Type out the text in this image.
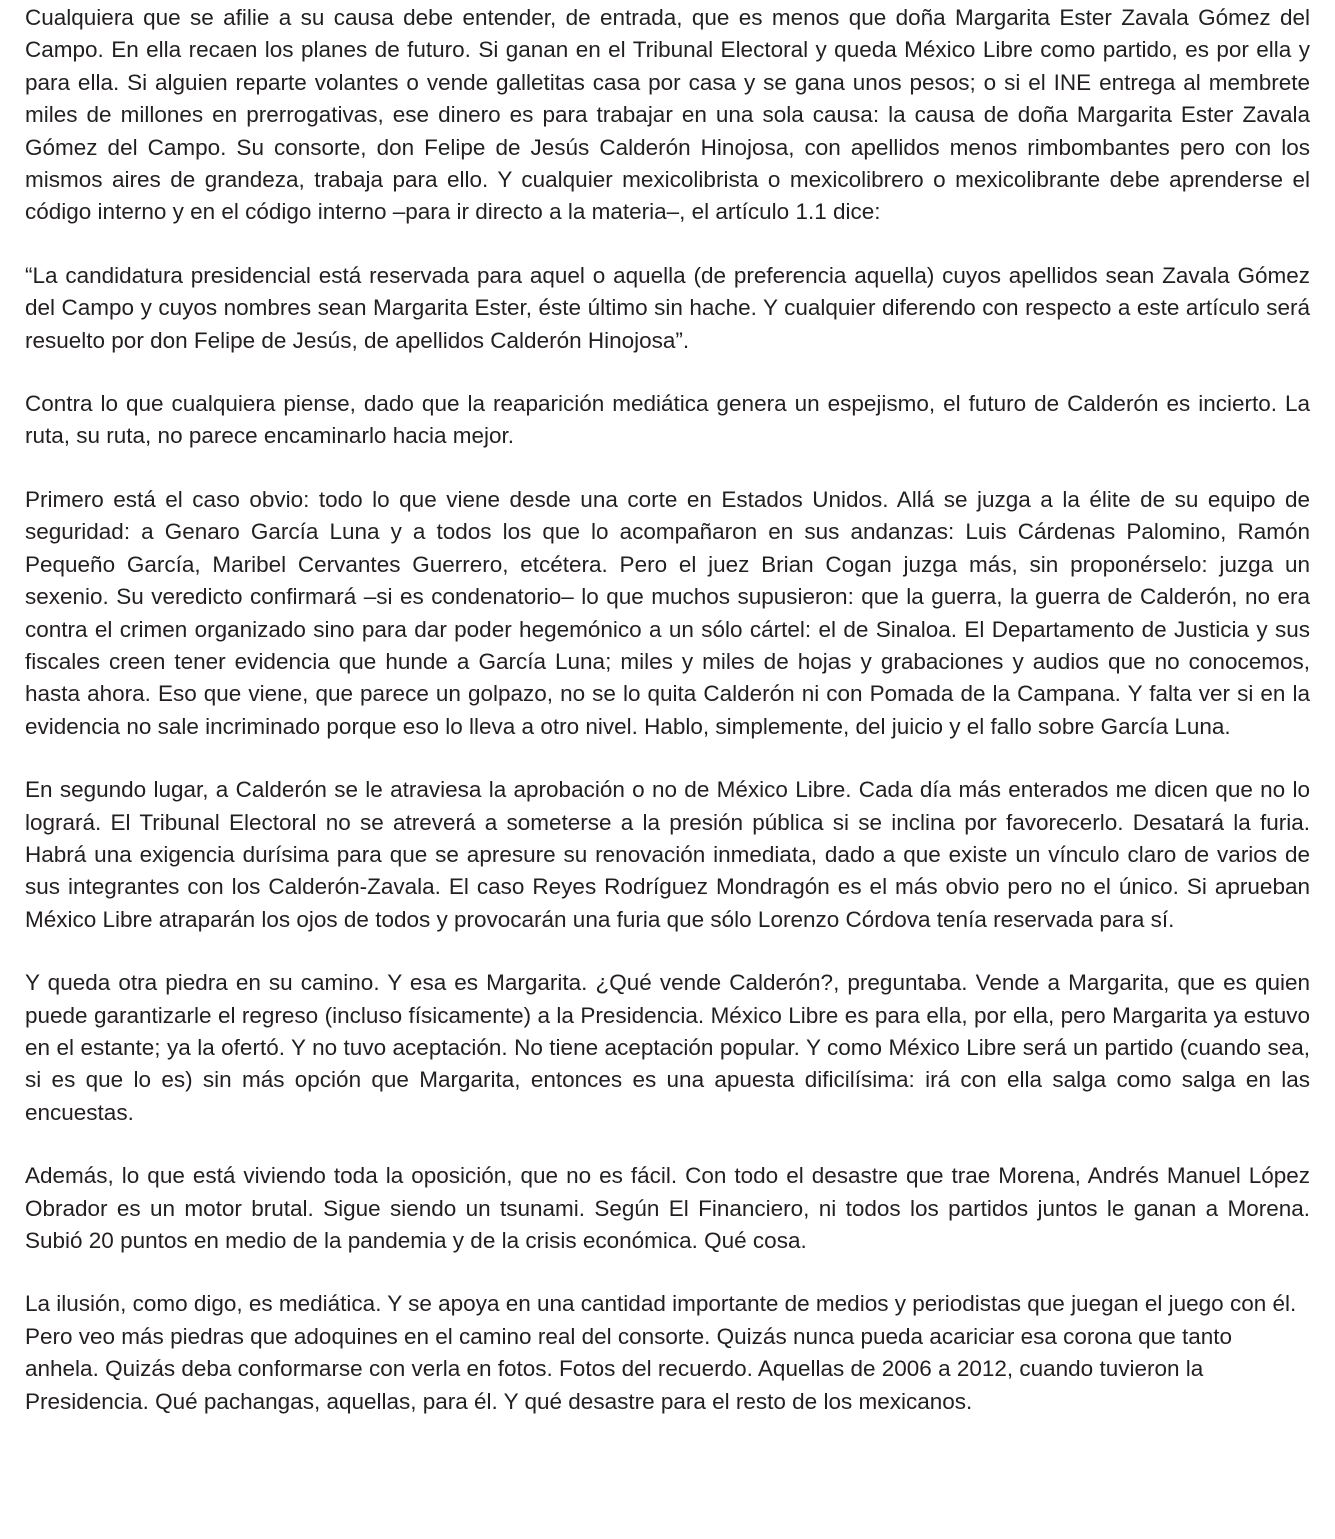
Cualquiera que se afilie a su causa debe entender, de entrada, que es menos que doña Margarita Ester Zavala Gómez del Campo. En ella recaen los planes de futuro. Si ganan en el Tribunal Electoral y queda México Libre como partido, es por ella y para ella. Si alguien reparte volantes o vende galletitas casa por casa y se gana unos pesos; o si el INE entrega al membrete miles de millones en prerrogativas, ese dinero es para trabajar en una sola causa: la causa de doña Margarita Ester Zavala Gómez del Campo. Su consorte, don Felipe de Jesús Calderón Hinojosa, con apellidos menos rimbombantes pero con los mismos aires de grandeza, trabaja para ello. Y cualquier mexicolibrista o mexicolibrero o mexicolibrante debe aprenderse el código interno y en el código interno –para ir directo a la materia–, el artículo 1.1 dice:

“La candidatura presidencial está reservada para aquel o aquella (de preferencia aquella) cuyos apellidos sean Zavala Gómez del Campo y cuyos nombres sean Margarita Ester, éste último sin hache. Y cualquier diferendo con respecto a este artículo será resuelto por don Felipe de Jesús, de apellidos Calderón Hinojosa”.

Contra lo que cualquiera piense, dado que la reaparición mediática genera un espejismo, el futuro de Calderón es incierto. La ruta, su ruta, no parece encaminarlo hacia mejor.

Primero está el caso obvio: todo lo que viene desde una corte en Estados Unidos. Allá se juzga a la élite de su equipo de seguridad: a Genaro García Luna y a todos los que lo acompañaron en sus andanzas: Luis Cárdenas Palomino, Ramón Pequeño García, Maribel Cervantes Guerrero, etcétera. Pero el juez Brian Cogan juzga más, sin proponérselo: juzga un sexenio. Su veredicto confirmará –si es condenatorio– lo que muchos supusieron: que la guerra, la guerra de Calderón, no era contra el crimen organizado sino para dar poder hegemónico a un sólo cártel: el de Sinaloa. El Departamento de Justicia y sus fiscales creen tener evidencia que hunde a García Luna; miles y miles de hojas y grabaciones y audios que no conocemos, hasta ahora. Eso que viene, que parece un golpazo, no se lo quita Calderón ni con Pomada de la Campana. Y falta ver si en la evidencia no sale incriminado porque eso lo lleva a otro nivel. Hablo, simplemente, del juicio y el fallo sobre García Luna.

En segundo lugar, a Calderón se le atraviesa la aprobación o no de México Libre. Cada día más enterados me dicen que no lo logrará. El Tribunal Electoral no se atreverá a someterse a la presión pública si se inclina por favorecerlo. Desatará la furia. Habrá una exigencia durísima para que se apresure su renovación inmediata, dado a que existe un vínculo claro de varios de sus integrantes con los Calderón-Zavala. El caso Reyes Rodríguez Mondragón es el más obvio pero no el único. Si aprueban México Libre atraparán los ojos de todos y provocarán una furia que sólo Lorenzo Córdova tenía reservada para sí.

Y queda otra piedra en su camino. Y esa es Margarita. ¿Qué vende Calderón?, preguntaba. Vende a Margarita, que es quien puede garantizarle el regreso (incluso físicamente) a la Presidencia. México Libre es para ella, por ella, pero Margarita ya estuvo en el estante; ya la ofertó. Y no tuvo aceptación. No tiene aceptación popular. Y como México Libre será un partido (cuando sea, si es que lo es) sin más opción que Margarita, entonces es una apuesta dificilísima: irá con ella salga como salga en las encuestas.

Además, lo que está viviendo toda la oposición, que no es fácil. Con todo el desastre que trae Morena, Andrés Manuel López Obrador es un motor brutal. Sigue siendo un tsunami. Según El Financiero, ni todos los partidos juntos le ganan a Morena. Subió 20 puntos en medio de la pandemia y de la crisis económica. Qué cosa.

La ilusión, como digo, es mediática. Y se apoya en una cantidad importante de medios y periodistas que juegan el juego con él. Pero veo más piedras que adoquines en el camino real del consorte. Quizás nunca pueda acariciar esa corona que tanto anhela. Quizás deba conformarse con verla en fotos. Fotos del recuerdo. Aquellas de 2006 a 2012, cuando tuvieron la Presidencia. Qué pachangas, aquellas, para él. Y qué desastre para el resto de los mexicanos.
